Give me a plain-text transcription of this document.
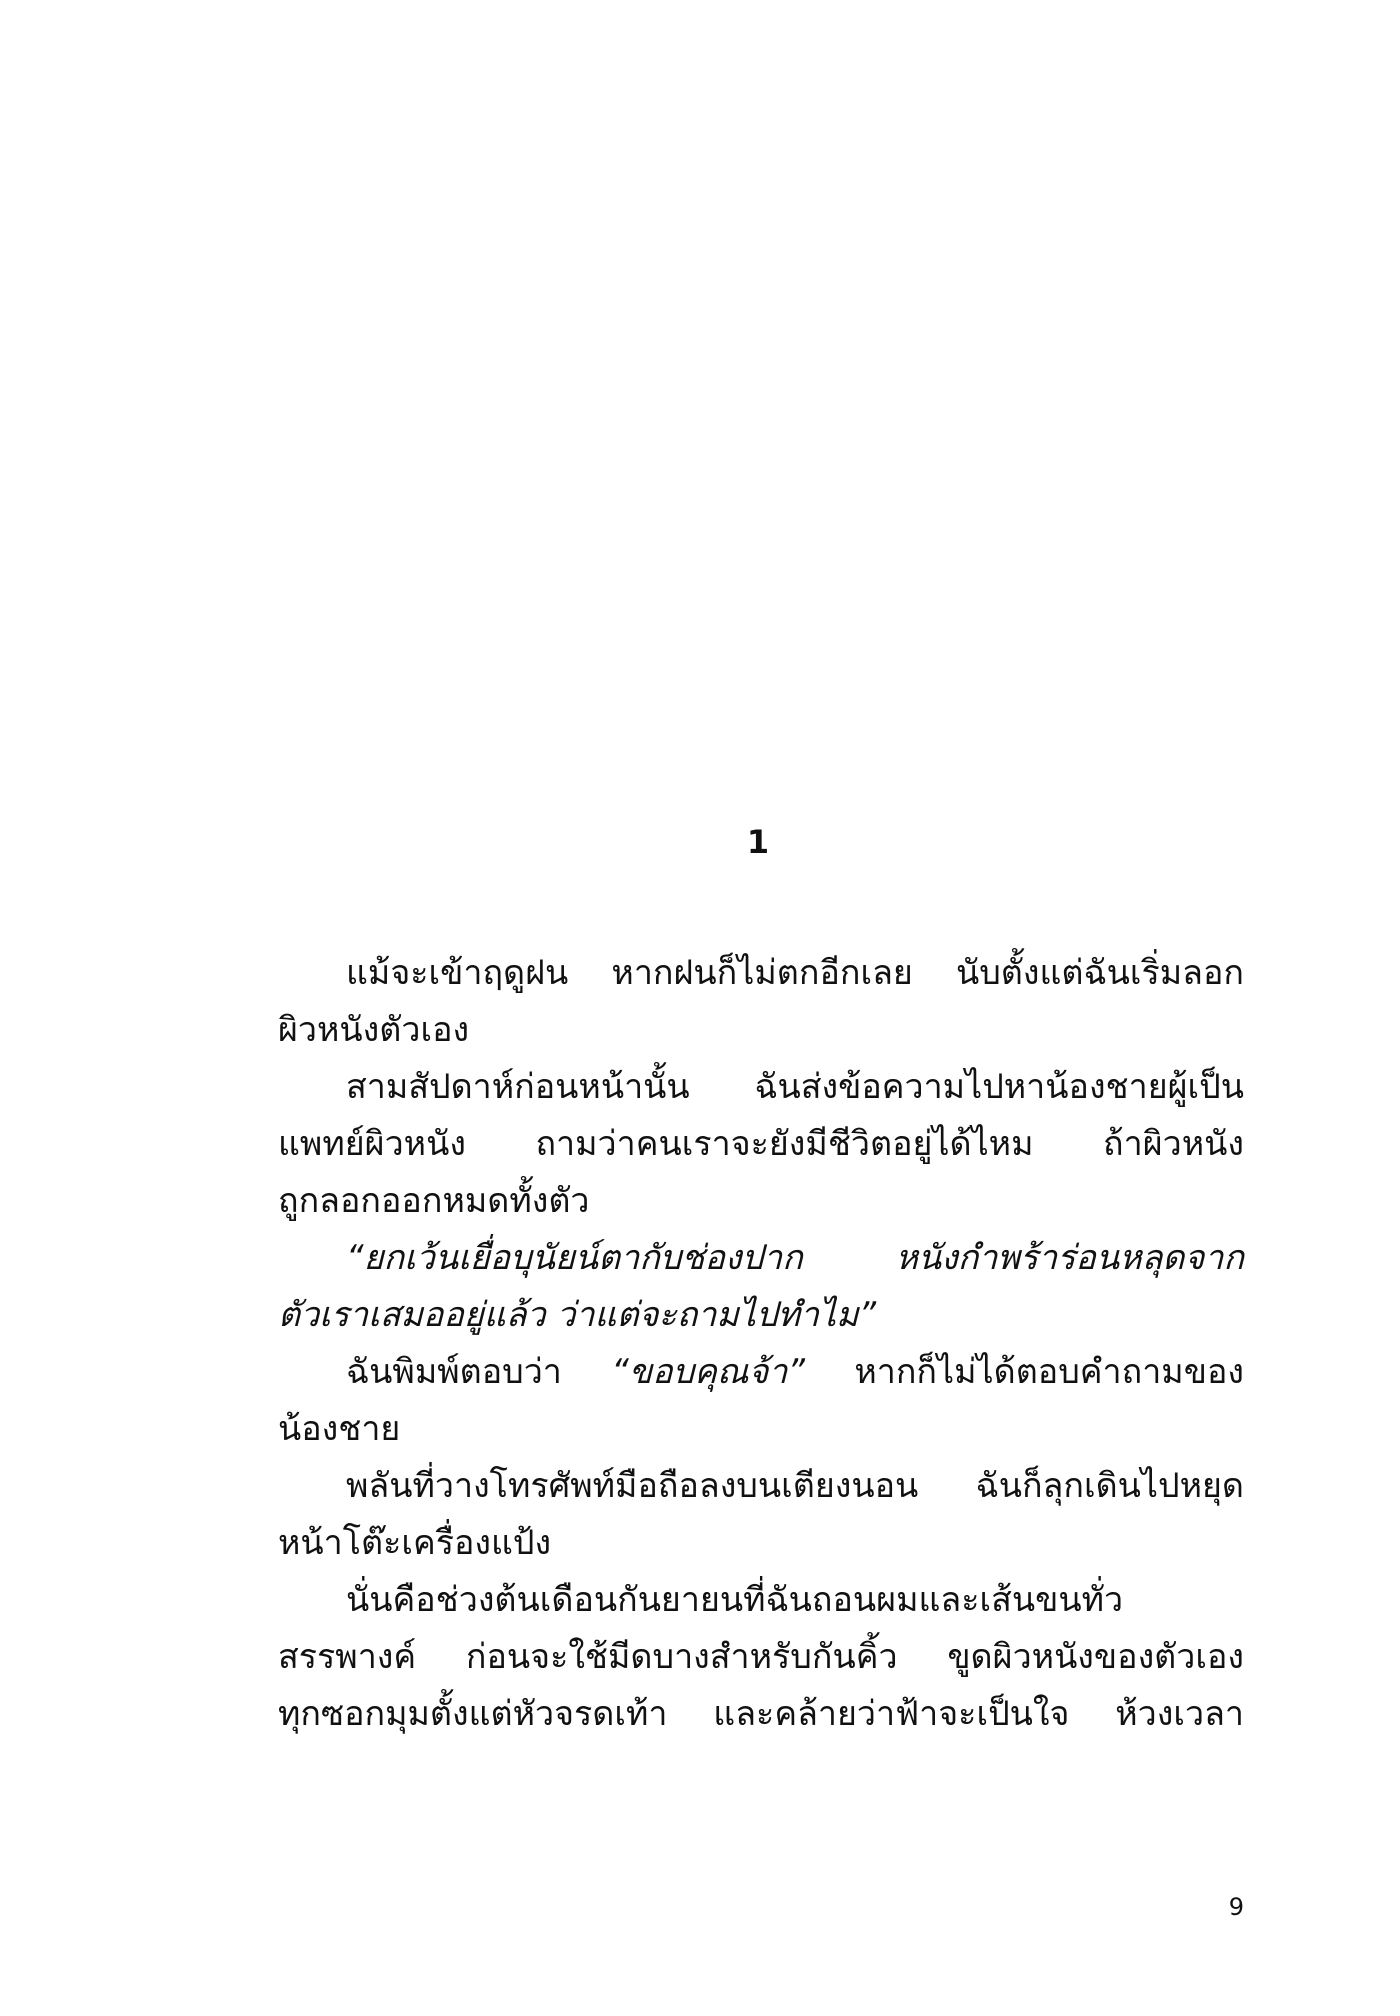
1
แม้จะเข้าฤดูฝน หากฝนก็ไม่ตกอีกเลย นับตั้งแต่ฉันเริ่มลอก
ผิวหนังตัวเอง
สามสัปดาห์ก่อนหน้านั้น ฉันส่งข้อความไปหาน้องชายผู้เป็น
แพทย์ผิวหนัง ถามว่าคนเราจะยังมีชีวิตอยู่ได้ไหม ถ้าผิวหนัง
ถูกลอกออกหมดทั้งตัว
“ยกเว้นเยื่อบุนัยน์ตากับช่องปาก หนังกำพร้าร่อนหลุดจาก
ตัวเราเสมออยู่แล้ว ว่าแต่จะถามไปทำไม”
ฉันพิมพ์ตอบว่า “ขอบคุณจ้า” หากก็ไม่ได้ตอบคำถามของ
น้องชาย
พลันที่วางโทรศัพท์มือถือลงบนเตียงนอน ฉันก็ลุกเดินไปหยุด
หน้าโต๊ะเครื่องแป้ง
นั่นคือช่วงต้นเดือนกันยายนที่ฉันถอนผมและเส้นขนทั่ว
สรรพางค์ ก่อนจะใช้มีดบางสำหรับกันคิ้ว ขูดผิวหนังของตัวเอง
ทุกซอกมุมตั้งแต่หัวจรดเท้า และคล้ายว่าฟ้าจะเป็นใจ ห้วงเวลา
9
